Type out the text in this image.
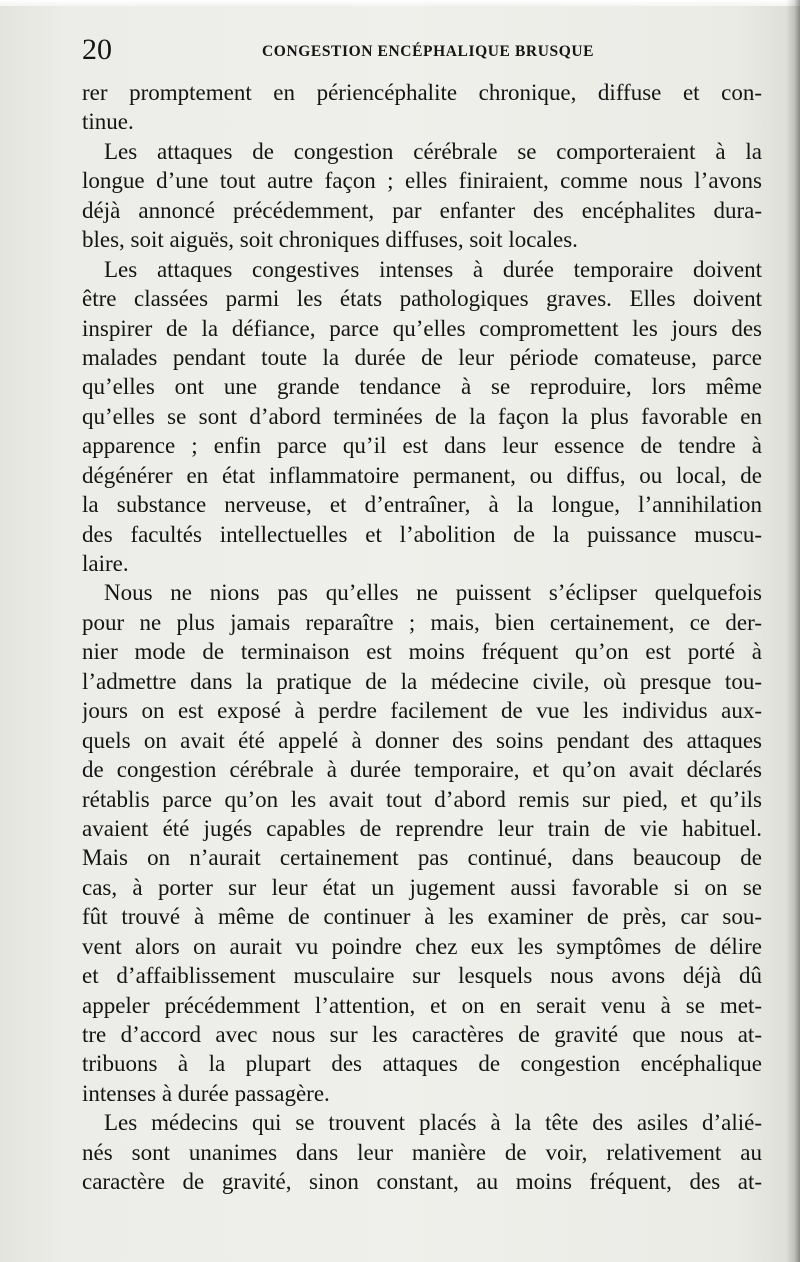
20	CONGESTION ENCÉPHALIQUE BRUSQUE
rer promptement en périencéphalite chronique, diffuse et con-
tinue.
Les attaques de congestion cérébrale se comporteraient à la
longue d’une tout autre façon ; elles finiraient, comme nous l’avons
déjà annoncé précédemment, par enfanter des encéphalites dura-
bles, soit aiguës, soit chroniques diffuses, soit locales.
Les attaques congestives intenses à durée temporaire doivent
être classées parmi les états pathologiques graves. Elles doivent
inspirer de la défiance, parce qu’elles compromettent les jours des
malades pendant toute la durée de leur période comateuse, parce
qu’elles ont une grande tendance à se reproduire, lors même
qu’elles se sont d’abord terminées de la façon la plus favorable en
apparence ; enfin parce qu’il est dans leur essence de tendre à
dégénérer en état inflammatoire permanent, ou diffus, ou local, de
la substance nerveuse, et d’entraîner, à la longue, l’annihilation
des facultés intellectuelles et l’abolition de la puissance muscu-
laire.
Nous ne nions pas qu’elles ne puissent s’éclipser quelquefois
pour ne plus jamais reparaître ; mais, bien certainement, ce der-
nier mode de terminaison est moins fréquent qu’on est porté à
l’admettre dans la pratique de la médecine civile, où presque tou-
jours on est exposé à perdre facilement de vue les individus aux-
quels on avait été appelé à donner des soins pendant des attaques
de congestion cérébrale à durée temporaire, et qu’on avait déclarés
rétablis parce qu’on les avait tout d’abord remis sur pied, et qu’ils
avaient été jugés capables de reprendre leur train de vie habituel.
Mais on n’aurait certainement pas continué, dans beaucoup de
cas, à porter sur leur état un jugement aussi favorable si on se
fût trouvé à même de continuer à les examiner de près, car sou-
vent alors on aurait vu poindre chez eux les symptômes de délire
et d’affaiblissement musculaire sur lesquels nous avons déjà dû
appeler précédemment l’attention, et on en serait venu à se met-
tre d’accord avec nous sur les caractères de gravité que nous at-
tribuons à la plupart des attaques de congestion encéphalique
intenses à durée passagère.
Les médecins qui se trouvent placés à la tête des asiles d’alié-
nés sont unanimes dans leur manière de voir, relativement au
caractère de gravité, sinon constant, au moins fréquent, des at-
